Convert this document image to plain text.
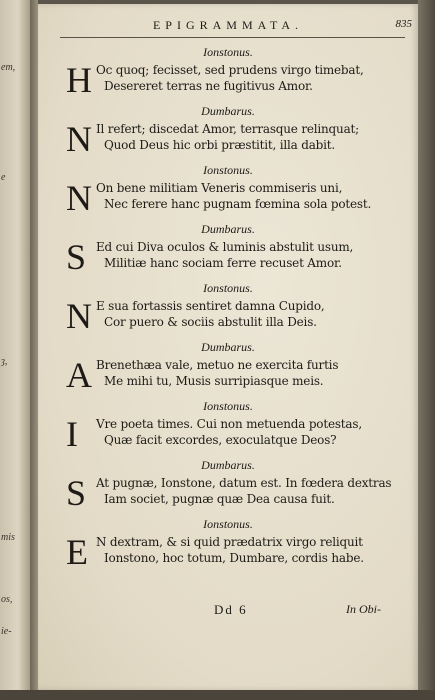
em,
e
ȝ,
mis
os,
ie-
EPIGRAMMATA.	835
Ionstonus.
H Oc quoq; fecisset, sed prudens virgo timebat,
Desereret terras ne fugitivus Amor.
Dumbarus.
N Il refert; discedat Amor, terrasque relinquat;
Quod Deus hic orbi præstitit, illa dabit.
Ionstonus.
N On bene militiam Veneris commiseris uni,
Nec ferere hanc pugnam fœmina sola potest.
Dumbarus.
S Ed cui Diva oculos & luminis abstulit usum,
Militiæ hanc sociam ferre recuset Amor.
Ionstonus.
N E sua fortassis sentiret damna Cupido,
Cor puero & sociis abstulit illa Deis.
Dumbarus.
A Brenethæa vale, metuo ne exercita furtis
Me mihi tu, Musis surripiasque meis.
Ionstonus.
I Vre poeta times. Cui non metuenda potestas,
Quæ facit excordes, exoculatque Deos?
Dumbarus.
S At pugnæ, Ionstone, datum est. In fœdera dextras
Iam societ, pugnæ quæ Dea causa fuit.
Ionstonus.
E N dextram, & si quid prædatrix virgo reliquit
Ionstono, hoc totum, Dumbare, cordis habe.
Dd 6	In Obi-
